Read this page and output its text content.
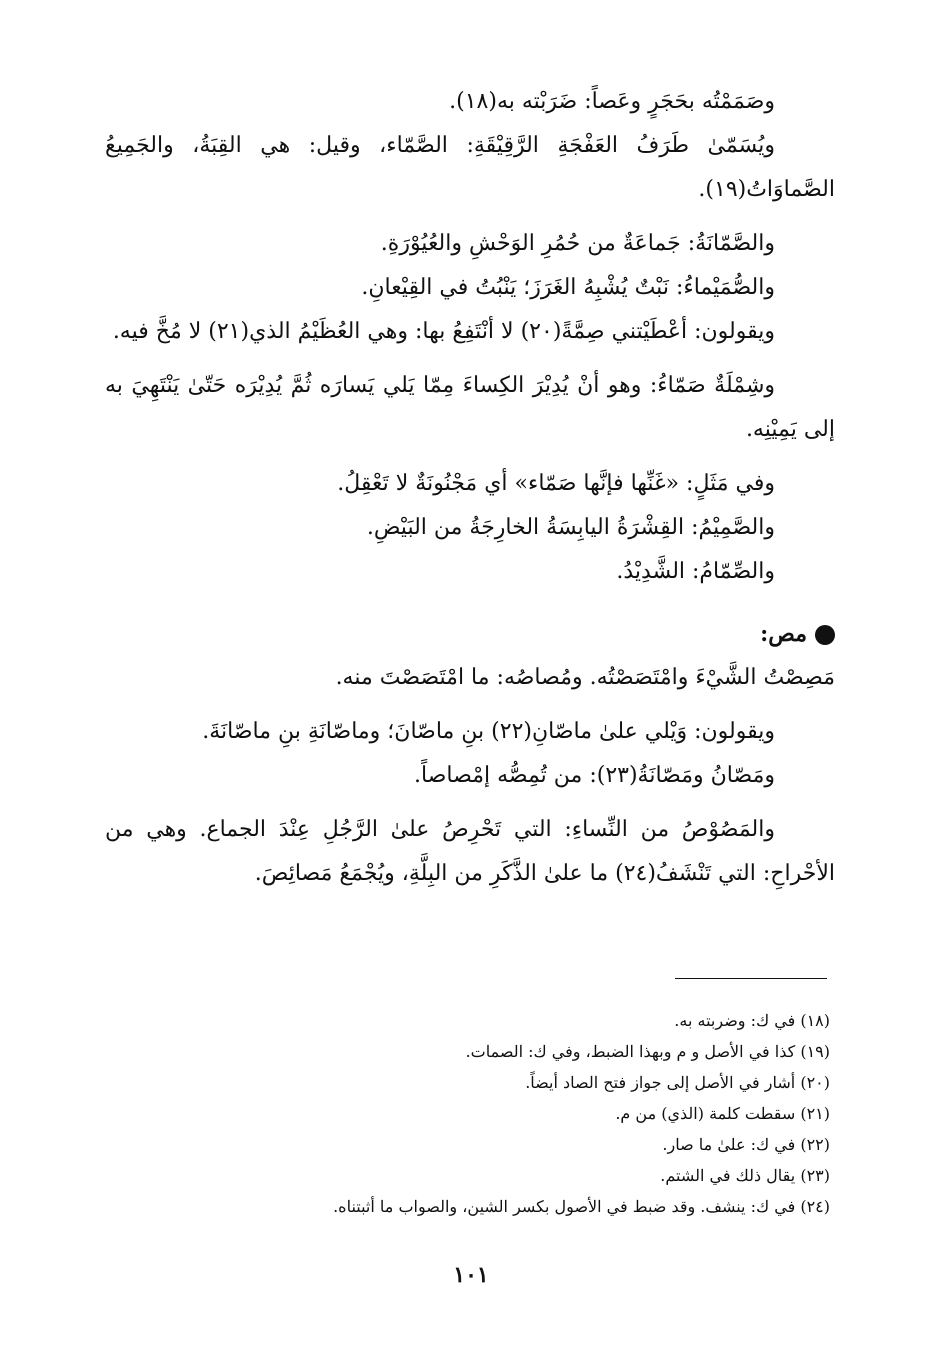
وصَمَمْتُه بحَجَرٍ وعَصاً: ضَرَبْته به(١٨).

ويُسَمّىٰ طَرَفُ العَفْجَةِ الرَّقِيْقَةِ: الصَّمّاء، وقيل: هي القِبَةُ، والجَمِيعُ الصَّماوَاتُ(١٩).

والصَّمّانَةُ: جَماعَةٌ من حُمُرِ الوَحْشِ والعُيُوْرَةِ.

والصُّمَيْماءُ: نَبْتٌ يُشْبِهُ الغَرَزَ؛ يَنْبُتُ في القِيْعانِ.

ويقولون: أعْطَيْتني صِمَّةً(٢٠) لا أنْتَفِعُ بها: وهي العُظَيْمُ الذي(٢١) لا مُخَّ فيه.

وشِمْلَةٌ صَمّاءُ: وهو أنْ يُدِيْرَ الكِساءَ مِمّا يَلي يَسارَه ثُمَّ يُدِيْرَه حَتّىٰ يَنْتَهِيَ به إلى يَمِيْنِه.

وفي مَثَلٍ: «غَنِّها فإنَّها صَمّاء» أي مَجْنُونَةٌ لا تَعْقِلُ.

والصَّمِيْمُ: القِشْرَةُ اليابِسَةُ الخارِجَةُ من البَيْضِ.

والصِّمّامُ: الشَّدِيْدُ.

مص:

مَصِصْتُ الشَّيْءَ وامْتَصَصْتُه. ومُصاصُه: ما امْتَصَصْتَ منه.

ويقولون: وَيْلي علىٰ ماصّانِ(٢٢) بنِ ماصّانَ؛ وماصّانَةِ بنِ ماصّانَةَ.

ومَصّانُ ومَصّانَةُ(٢٣): من تُمِصُّه إمْصاصاً.

والمَصُوْصُ من النِّساءِ: التي تَحْرِصُ علىٰ الرَّجُلِ عِنْدَ الجماع. وهي من الأحْراحِ: التي تَنْشَفُ(٢٤) ما علىٰ الذَّكَرِ من البِلَّةِ، ويُجْمَعُ مَصائِصَ.

(١٨) في ك: وضربته به.

(١٩) كذا في الأصل و م وبهذا الضبط، وفي ك: الصمات.

(٢٠) أشار في الأصل إلى جواز فتح الصاد أيضاً.

(٢١) سقطت كلمة (الذي) من م.

(٢٢) في ك: علىٰ ما صار.

(٢٣) يقال ذلك في الشتم.

(٢٤) في ك: ينشف. وقد ضبط في الأصول بكسر الشين، والصواب ما أثبتناه.

١٠١
